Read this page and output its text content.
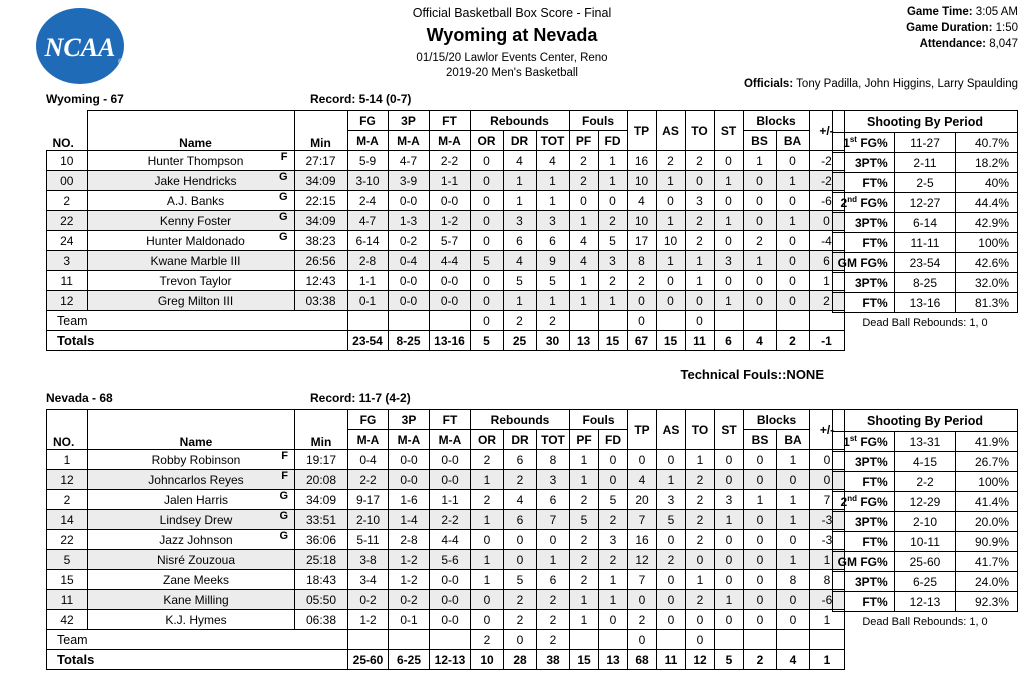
NCAA
®
Official Basketball Box Score - Final
Wyoming at Nevada
01/15/20 Lawlor Events Center, Reno
2019-20 Men's Basketball
Game Time: 3:05 AM
Game Duration: 1:50
Attendance: 8,047
Officials: Tony Padilla, John Higgins, Larry Spaulding
Wyoming - 67	Record: 5-14 (0-7)
NO.	Name	Min	FG	3P	FT	Rebounds			Fouls		TP	AS	TO	ST	Blocks		+/-
			M-A	M-A	M-A	OR	DR	TOT	PF	FD					BS	BA	
10	Hunter Thompson F	27:17	5-9	4-7	2-2	0	4	4	2	1	16	2	2	0	1	0	-2
00	Jake Hendricks G	34:09	3-10	3-9	1-1	0	1	1	2	1	10	1	0	1	0	1	-2
2	A.J. Banks G	22:15	2-4	0-0	0-0	0	1	1	0	0	4	0	3	0	0	0	-6
22	Kenny Foster G	34:09	4-7	1-3	1-2	0	3	3	1	2	10	1	2	1	0	1	0
24	Hunter Maldonado G	38:23	6-14	0-2	5-7	0	6	6	4	5	17	10	2	0	2	0	-4
3	Kwane Marble III	26:56	2-8	0-4	4-4	5	4	9	4	3	8	1	1	3	1	0	6
11	Trevon Taylor	12:43	1-1	0-0	0-0	0	5	5	1	2	2	0	1	0	0	0	1
12	Greg Milton III	03:38	0-1	0-0	0-0	0	1	1	1	1	0	0	0	1	0	0	2
Team						0	2	2			0		0				
Totals			23-54	8-25	13-16	5	25	30	13	15	67	15	11	6	4	2	-1
Shooting By Period		
1st FG%	11-27	40.7%
3PT%	2-11	18.2%
FT%	2-5	40%
2nd FG%	12-27	44.4%
3PT%	6-14	42.9%
FT%	11-11	100%
GM FG%	23-54	42.6%
3PT%	8-25	32.0%
FT%	13-16	81.3%
Dead Ball Rebounds: 1, 0
Technical Fouls::NONE
Nevada - 68	Record: 11-7 (4-2)
NO.	Name	Min	FG	3P	FT	Rebounds			Fouls		TP	AS	TO	ST	Blocks		+/-
			M-A	M-A	M-A	OR	DR	TOT	PF	FD					BS	BA	
1	Robby Robinson F	19:17	0-4	0-0	0-0	2	6	8	1	0	0	0	1	0	0	1	0
12	Johncarlos Reyes F	20:08	2-2	0-0	0-0	1	2	3	1	0	4	1	2	0	0	0	0
2	Jalen Harris G	34:09	9-17	1-6	1-1	2	4	6	2	5	20	3	2	3	1	1	7
14	Lindsey Drew G	33:51	2-10	1-4	2-2	1	6	7	5	2	7	5	2	1	0	1	-3
22	Jazz Johnson G	36:06	5-11	2-8	4-4	0	0	0	2	3	16	0	2	0	0	0	-3
5	Nisré Zouzoua	25:18	3-8	1-2	5-6	1	0	1	2	2	12	2	0	0	0	1	1
15	Zane Meeks	18:43	3-4	1-2	0-0	1	5	6	2	1	7	0	1	0	0	8	8
11	Kane Milling	05:50	0-2	0-2	0-0	0	2	2	1	1	0	0	2	1	0	0	-6
42	K.J. Hymes	06:38	1-2	0-1	0-0	0	2	2	1	0	2	0	0	0	0	0	1
Team						2	0	2			0		0				
Totals			25-60	6-25	12-13	10	28	38	15	13	68	11	12	5	2	4	1
Shooting By Period		
1st FG%	13-31	41.9%
3PT%	4-15	26.7%
FT%	2-2	100%
2nd FG%	12-29	41.4%
3PT%	2-10	20.0%
FT%	10-11	90.9%
GM FG%	25-60	41.7%
3PT%	6-25	24.0%
FT%	12-13	92.3%
Dead Ball Rebounds: 1, 0
